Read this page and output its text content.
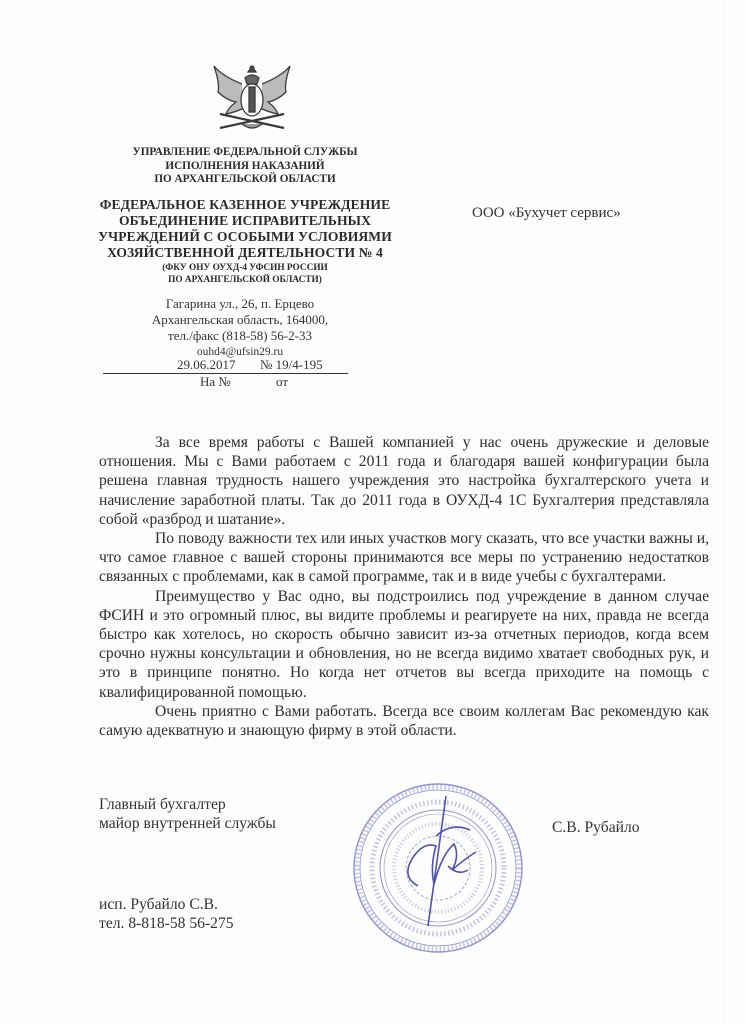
УПРАВЛЕНИЕ ФЕДЕРАЛЬНОЙ СЛУЖБЫ
ИСПОЛНЕНИЯ НАКАЗАНИЙ
ПО АРХАНГЕЛЬСКОЙ ОБЛАСТИ
ФЕДЕРАЛЬНОЕ КАЗЕННОЕ УЧРЕЖДЕНИЕ
ОБЪЕДИНЕНИЕ ИСПРАВИТЕЛЬНЫХ
УЧРЕЖДЕНИЙ С ОСОБЫМИ УСЛОВИЯМИ
ХОЗЯЙСТВЕННОЙ ДЕЯТЕЛЬНОСТИ № 4
(ФКУ ОНУ ОУХД-4 УФСИН РОССИИ
ПО АРХАНГЕЛЬСКОЙ ОБЛАСТИ)
Гагарина ул., 26, п. Ерцево
Архангельская область, 164000,
тел./факс (818-58) 56-2-33
ouhd4@ufsin29.ru
29.06.2017 № 19/4-195
На №	от
ООО «Бухучет сервис»

За все время работы с Вашей компанией у нас очень дружеские и деловые отношения. Мы с Вами работаем с 2011 года и благодаря вашей конфигурации была решена главная трудность нашего учреждения это настройка бухгалтерского учета и начисление заработной платы. Так до 2011 года в ОУХД-4 1С Бухгалтерия представляла собой «разброд и шатание».

По поводу важности тех или иных участков могу сказать, что все участки важны и, что самое главное с вашей стороны принимаются все меры по устранению недостатков связанных с проблемами, как в самой программе, так и в виде учебы с бухгалтерами.

Преимущество у Вас одно, вы подстроились под учреждение в данном случае ФСИН и это огромный плюс, вы видите проблемы и реагируете на них, правда не всегда быстро как хотелось, но скорость обычно зависит из-за отчетных периодов, когда всем срочно нужны консультации и обновления, но не всегда видимо хватает свободных рук, и это в принципе понятно. Но когда нет отчетов вы всегда приходите на помощь с квалифицированной помощью.

Очень приятно с Вами работать. Всегда все своим коллегам Вас рекомендую как самую адекватную и знающую фирму в этой области.

Главный бухгалтер
майор внутренней службы	С.В. Рубайло
исп. Рубайло С.В.
тел. 8-818-58 56-275
